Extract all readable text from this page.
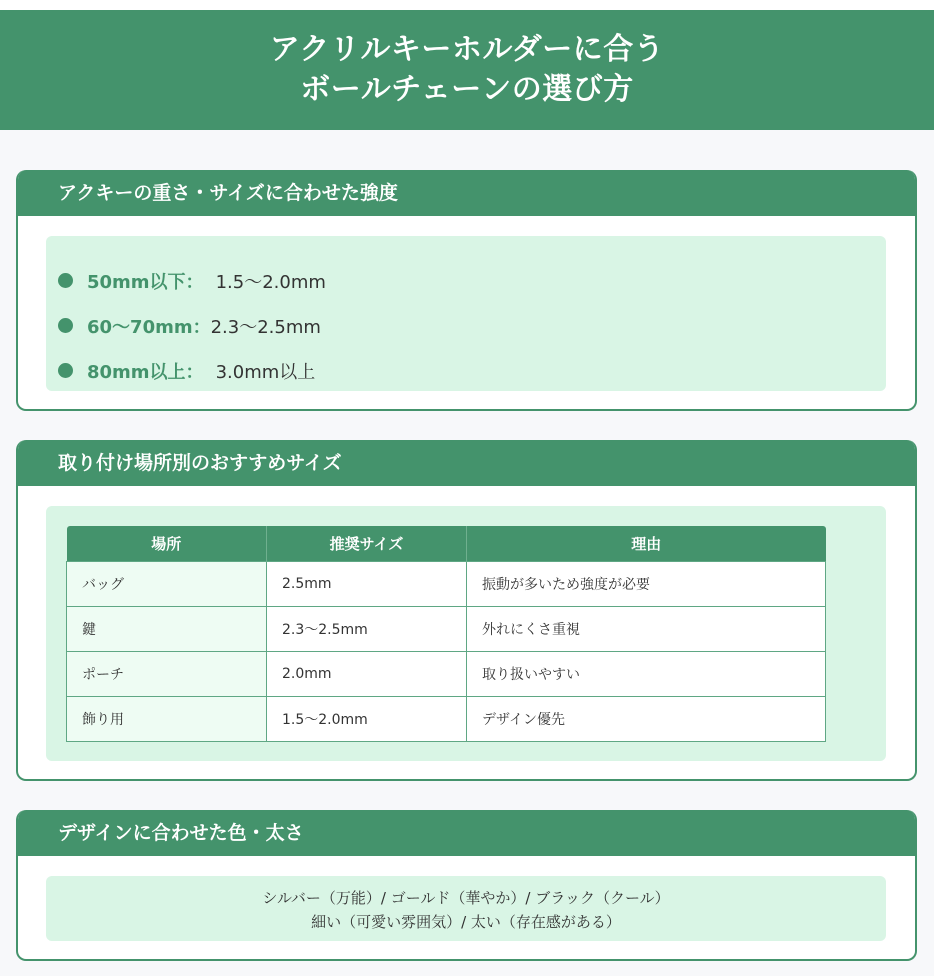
アクリルキーホルダーに合う
ボールチェーンの選び方
アクキーの重さ・サイズに合わせた強度
50mm以下： 1.5〜2.0mm
60〜70mm： 2.3〜2.5mm
80mm以上： 3.0mm以上
取り付け場所別のおすすめサイズ
場所	推奨サイズ	理由
バッグ	2.5mm	振動が多いため強度が必要
鍵	2.3〜2.5mm	外れにくさ重視
ポーチ	2.0mm	取り扱いやすい
飾り用	1.5〜2.0mm	デザイン優先
デザインに合わせた色・太さ
シルバー（万能）/ ゴールド（華やか）/ ブラック（クール）
細い（可愛い雰囲気）/ 太い（存在感がある）
